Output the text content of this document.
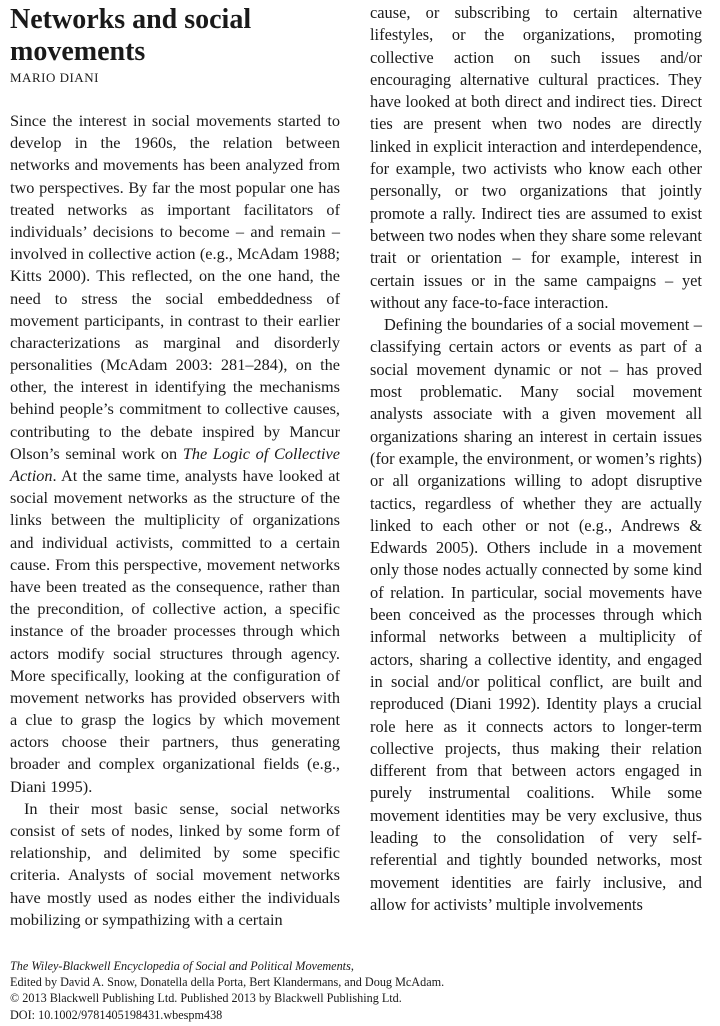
Networks and social movements
MARIO DIANI

Since the interest in social movements started to develop in the 1960s, the relation between networks and movements has been analyzed from two perspectives. By far the most popular one has treated networks as important facilitators of individuals’ decisions to become – and remain – involved in collective action (e.g., McAdam 1988; Kitts 2000). This reflected, on the one hand, the need to stress the social embeddedness of movement participants, in contrast to their earlier characterizations as marginal and disorderly personalities (McAdam 2003: 281–284), on the other, the interest in identifying the mechanisms behind people’s commitment to collective causes, contributing to the debate inspired by Mancur Olson’s seminal work on The Logic of Collective Action. At the same time, analysts have looked at social movement networks as the structure of the links between the multiplicity of organizations and individual activists, committed to a certain cause. From this perspective, movement networks have been treated as the consequence, rather than the precondition, of collective action, a specific instance of the broader processes through which actors modify social structures through agency. More specifically, looking at the configuration of movement networks has provided observers with a clue to grasp the logics by which movement actors choose their partners, thus generating broader and complex organizational fields (e.g., Diani 1995).

In their most basic sense, social networks consist of sets of nodes, linked by some form of relationship, and delimited by some specific criteria. Analysts of social movement networks have mostly used as nodes either the individuals mobilizing or sympathizing with a certain

cause, or subscribing to certain alternative lifestyles, or the organizations, promoting collective action on such issues and/or encouraging alternative cultural practices. They have looked at both direct and indirect ties. Direct ties are present when two nodes are directly linked in explicit interaction and interdependence, for example, two activists who know each other personally, or two organizations that jointly promote a rally. Indirect ties are assumed to exist between two nodes when they share some relevant trait or orientation – for example, interest in certain issues or in the same campaigns – yet without any face-to-face interaction.

Defining the boundaries of a social movement – classifying certain actors or events as part of a social movement dynamic or not – has proved most problematic. Many social movement analysts associate with a given movement all organizations sharing an interest in certain issues (for example, the environment, or women’s rights) or all organizations willing to adopt disruptive tactics, regardless of whether they are actually linked to each other or not (e.g., Andrews & Edwards 2005). Others include in a movement only those nodes actually connected by some kind of relation. In particular, social movements have been conceived as the processes through which informal networks between a multiplicity of actors, sharing a collective identity, and engaged in social and/or political conflict, are built and reproduced (Diani 1992). Identity plays a crucial role here as it connects actors to longer-term collective projects, thus making their relation different from that between actors engaged in purely instrumental coalitions. While some movement identities may be very exclusive, thus leading to the consolidation of very self-referential and tightly bounded networks, most movement identities are fairly inclusive, and allow for activists’ multiple involvements

The Wiley-Blackwell Encyclopedia of Social and Political Movements,
Edited by David A. Snow, Donatella della Porta, Bert Klandermans, and Doug McAdam.
© 2013 Blackwell Publishing Ltd. Published 2013 by Blackwell Publishing Ltd.
DOI: 10.1002/9781405198431.wbespm438
